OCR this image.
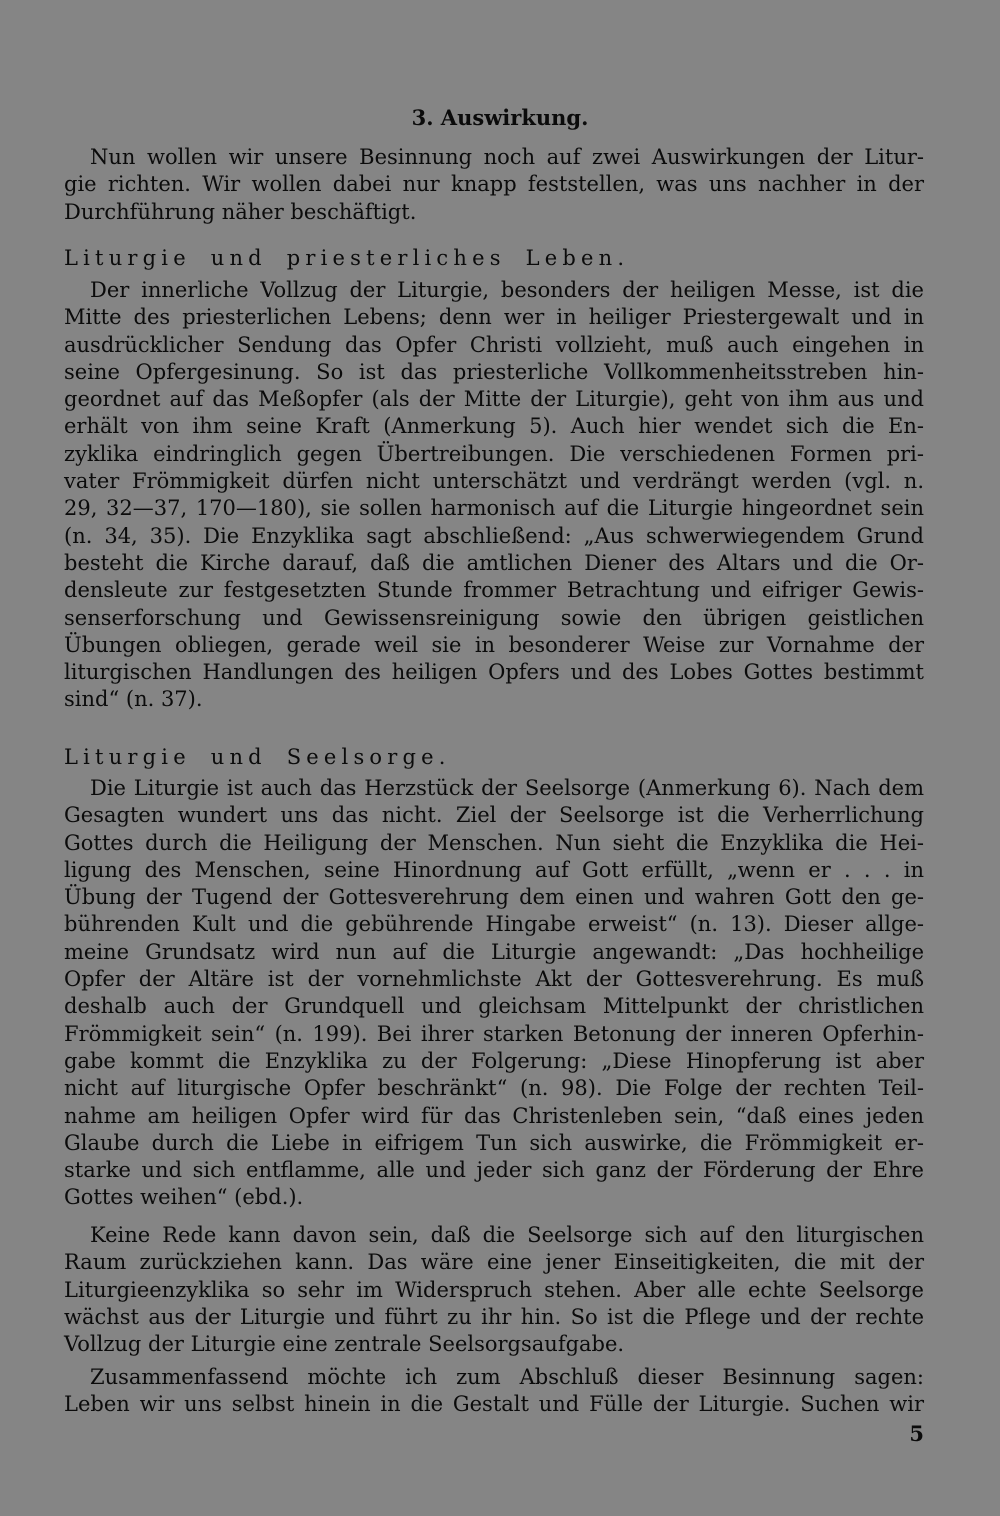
3. Auswirkung.
Nun wollen wir unsere Besinnung noch auf zwei Auswirkungen der Litur-
gie richten. Wir wollen dabei nur knapp feststellen, was uns nachher in der
Durchführung näher beschäftigt.
Liturgie und priesterliches Leben.
Der innerliche Vollzug der Liturgie, besonders der heiligen Messe, ist die
Mitte des priesterlichen Lebens; denn wer in heiliger Priestergewalt und in
ausdrücklicher Sendung das Opfer Christi vollzieht, muß auch eingehen in
seine Opfergesinung. So ist das priesterliche Vollkommenheitsstreben hin-
geordnet auf das Meßopfer (als der Mitte der Liturgie), geht von ihm aus und
erhält von ihm seine Kraft (Anmerkung 5). Auch hier wendet sich die En-
zyklika eindringlich gegen Übertreibungen. Die verschiedenen Formen pri-
vater Frömmigkeit dürfen nicht unterschätzt und verdrängt werden (vgl. n.
29, 32—37, 170—180), sie sollen harmonisch auf die Liturgie hingeordnet sein
(n. 34, 35). Die Enzyklika sagt abschließend: „Aus schwerwiegendem Grund
besteht die Kirche darauf, daß die amtlichen Diener des Altars und die Or-
densleute zur festgesetzten Stunde frommer Betrachtung und eifriger Gewis-
senserforschung und Gewissensreinigung sowie den übrigen geistlichen
Übungen obliegen, gerade weil sie in besonderer Weise zur Vornahme der
liturgischen Handlungen des heiligen Opfers und des Lobes Gottes bestimmt
sind“ (n. 37).
Liturgie und Seelsorge.
Die Liturgie ist auch das Herzstück der Seelsorge (Anmerkung 6). Nach dem
Gesagten wundert uns das nicht. Ziel der Seelsorge ist die Verherrlichung
Gottes durch die Heiligung der Menschen. Nun sieht die Enzyklika die Hei-
ligung des Menschen, seine Hinordnung auf Gott erfüllt, „wenn er . . . in
Übung der Tugend der Gottesverehrung dem einen und wahren Gott den ge-
bührenden Kult und die gebührende Hingabe erweist“ (n. 13). Dieser allge-
meine Grundsatz wird nun auf die Liturgie angewandt: „Das hochheilige
Opfer der Altäre ist der vornehmlichste Akt der Gottesverehrung. Es muß
deshalb auch der Grundquell und gleichsam Mittelpunkt der christlichen
Frömmigkeit sein“ (n. 199). Bei ihrer starken Betonung der inneren Opferhin-
gabe kommt die Enzyklika zu der Folgerung: „Diese Hinopferung ist aber
nicht auf liturgische Opfer beschränkt“ (n. 98). Die Folge der rechten Teil-
nahme am heiligen Opfer wird für das Christenleben sein, “daß eines jeden
Glaube durch die Liebe in eifrigem Tun sich auswirke, die Frömmigkeit er-
starke und sich entflamme, alle und jeder sich ganz der Förderung der Ehre
Gottes weihen“ (ebd.).
Keine Rede kann davon sein, daß die Seelsorge sich auf den liturgischen
Raum zurückziehen kann. Das wäre eine jener Einseitigkeiten, die mit der
Liturgieenzyklika so sehr im Widerspruch stehen. Aber alle echte Seelsorge
wächst aus der Liturgie und führt zu ihr hin. So ist die Pflege und der rechte
Vollzug der Liturgie eine zentrale Seelsorgsaufgabe.
Zusammenfassend möchte ich zum Abschluß dieser Besinnung sagen:
Leben wir uns selbst hinein in die Gestalt und Fülle der Liturgie. Suchen wir
5
